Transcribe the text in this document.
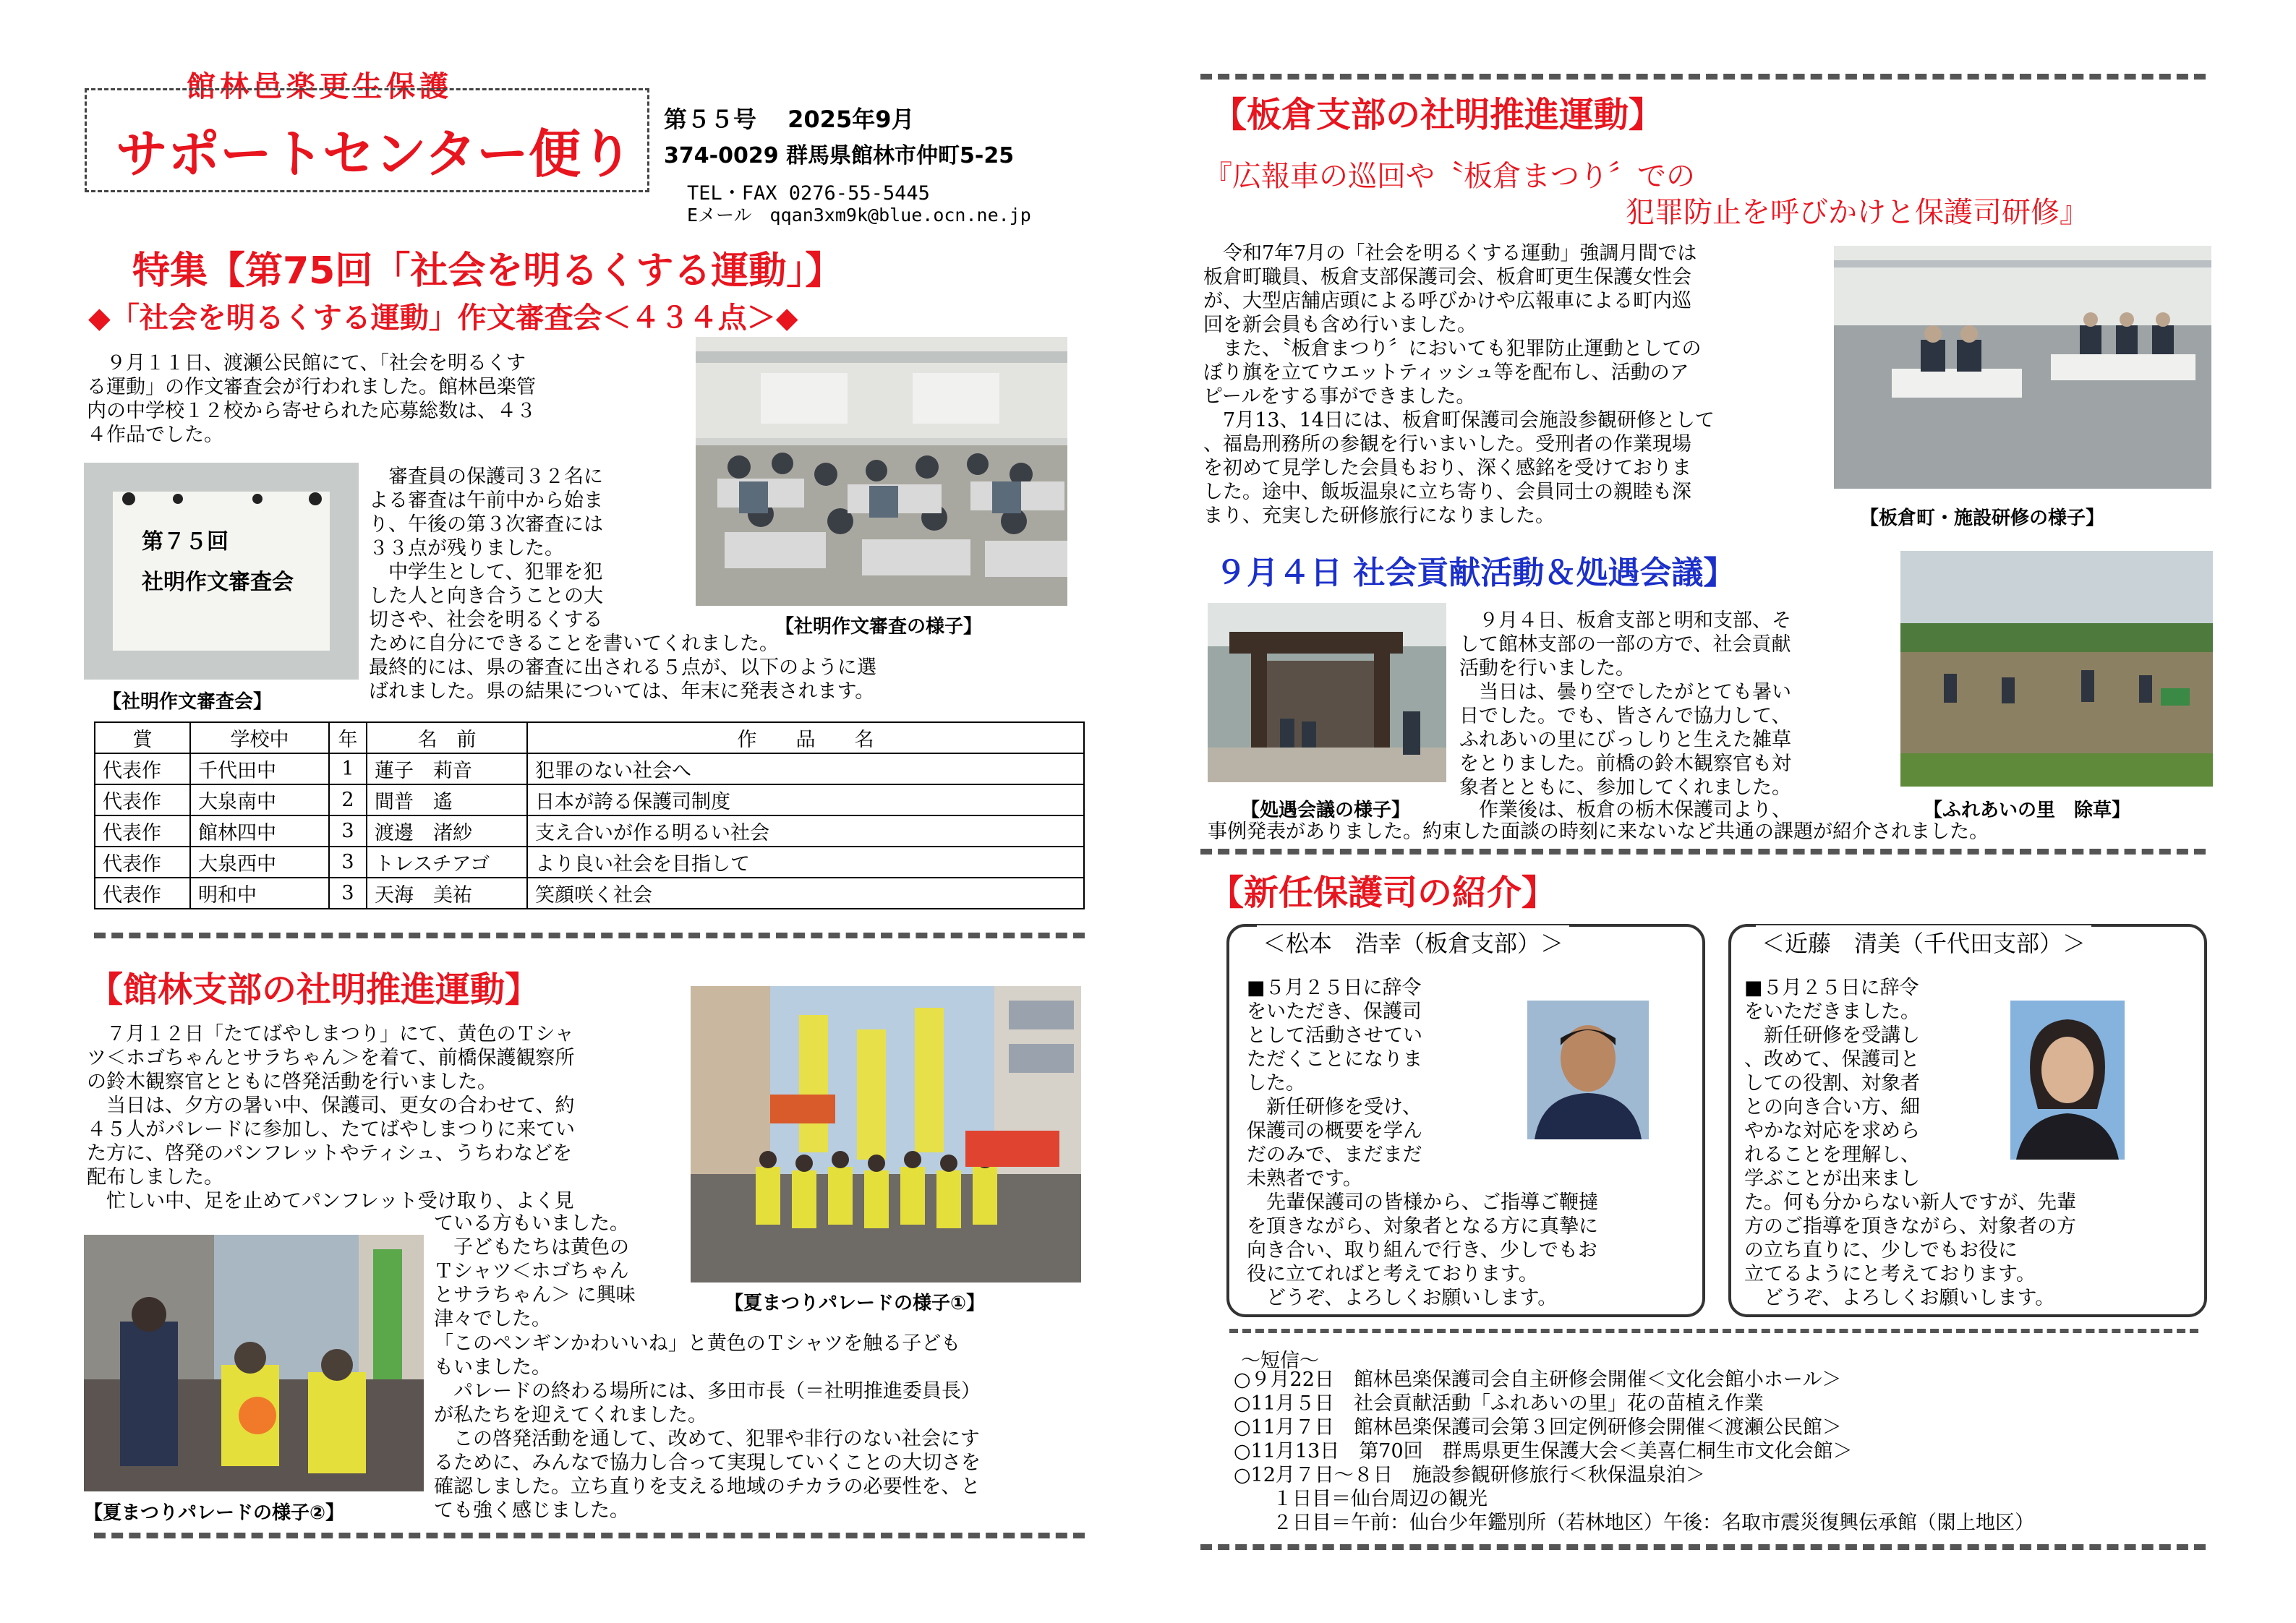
館林邑楽更生保護
サポートセンター便り
第５５号　 2025年9月
374-0029 群馬県館林市仲町5-25
TEL・FAX 0276-55-5445
Eメール　qqan3xm9k@blue.ocn.ne.jp
特集【第75回「社会を明るくする運動」】
◆「社会を明るくする運動」作文審査会＜４３４点＞◆

　９月１１日、渡瀬公民館にて、「社会を明るくす
る運動」の作文審査会が行われました。館林邑楽管
内の中学校１２校から寄せられた応募総数は、４３
４作品でした。

【社明作文審査の様子】
第７５回
社明作文審査会

　審査員の保護司３２名に
よる審査は午前中から始ま
り、午後の第３次審査には
３３点が残りました。
　中学生として、犯罪を犯
した人と向き合うことの大
切さや、社会を明るくする

ために自分にできることを書いてくれました。
最終的には、県の審査に出される５点が、以下のように選
ばれました。県の結果については、年末に発表されます。

【社明作文審査会】
賞	学校中	年	名　前	作　　品　　名
代表作	千代田中	1	蓮子　莉音	犯罪のない社会へ
代表作	大泉南中	2	間普　遙	日本が誇る保護司制度
代表作	館林四中	3	渡邊　渚紗	支え合いが作る明るい社会
代表作	大泉西中	3	トレスチアゴ	より良い社会を目指して
代表作	明和中	3	天海　美祐	笑顔咲く社会
【館林支部の社明推進運動】

　７月１２日「たてばやしまつり」にて、黄色のＴシャ
ツ＜ホゴちゃんとサラちゃん＞を着て、前橋保護観察所
の鈴木観察官とともに啓発活動を行いました。
　当日は、夕方の暑い中、保護司、更女の合わせて、約
４５人がパレードに参加し、たてばやしまつりに来てい
た方に、啓発のパンフレットやティシュ、うちわなどを
配布しました。
　忙しい中、足を止めてパンフレット受け取り、よく見

【夏まつりパレードの様子①】
【夏まつりパレードの様子②】

ている方もいました。
　子どもたちは黄色の
Ｔシャツ＜ホゴちゃん
とサラちゃん＞ に興味
津々でした。

「このペンギンかわいいね」と黄色のＴシャツを触る子ども
もいました。
　パレードの終わる場所には、多田市長（＝社明推進委員長）
が私たちを迎えてくれました。
　この啓発活動を通して、改めて、犯罪や非行のない社会にす
るために、みんなで協力し合って実現していくことの大切さを
確認しました。立ち直りを支える地域のチカラの必要性を、と
ても強く感じました。

【板倉支部の社明推進運動】
『広報車の巡回や〝板倉まつり〞での
犯罪防止を呼びかけと保護司研修』

　令和7年7月の「社会を明るくする運動」強調月間では
板倉町職員、板倉支部保護司会、板倉町更生保護女性会
が、大型店舗店頭による呼びかけや広報車による町内巡
回を新会員も含め行いました。
　また、〝板倉まつり〞においても犯罪防止運動としての
ぼり旗を立てウエットティッシュ等を配布し、活動のア
ピールをする事ができました。
　7月13、14日には、板倉町保護司会施設参観研修として
、福島刑務所の参観を行いまいした。受刑者の作業現場
を初めて見学した会員もおり、深く感銘を受けておりま
した。途中、飯坂温泉に立ち寄り、会員同士の親睦も深
まり、充実した研修旅行になりました。	【板倉町・施設研修の様子】
９月４日 社会貢献活動＆処遇会議】
【処遇会議の様子】

　９月４日、板倉支部と明和支部、そ
して館林支部の一部の方で、社会貢献
活動を行いました。
　当日は、曇り空でしたがとても暑い
日でした。でも、皆さんで協力して、
ふれあいの里にびっしりと生えた雑草
をとりました。前橋の鈴木観察官も対
象者とともに、参加してくれました。

　作業後は、板倉の栃木保護司より、

事例発表がありました。約束した面談の時刻に来ないなど共通の課題が紹介されました。

【ふれあいの里　除草】
【新任保護司の紹介】
＜松本　浩幸（板倉支部）＞

■５月２５日に辞令
をいただき、保護司
として活動させてい
ただくことになりま
した。
　新任研修を受け、
保護司の概要を学ん
だのみで、まだまだ
未熟者です。

　先輩保護司の皆様から、ご指導ご鞭撻
を頂きながら、対象者となる方に真摯に
向き合い、取り組んで行き、少しでもお
役に立てればと考えております。
　どうぞ、よろしくお願いします。

＜近藤　清美（千代田支部）＞

■５月２５日に辞令
をいただきました。
　新任研修を受講し
、改めて、保護司と
しての役割、対象者
との向き合い方、細
やかな対応を求めら
れることを理解し、
学ぶことが出来まし

た。何も分からない新人ですが、先輩
方のご指導を頂きながら、対象者の方
の立ち直りに、少しでもお役に
立てるようにと考えております。
　どうぞ、よろしくお願いします。

～短信～
○９月22日　館林邑楽保護司会自主研修会開催＜文化会館小ホール＞
○11月５日　社会貢献活動「ふれあいの里」花の苗植え作業
○11月７日　館林邑楽保護司会第３回定例研修会開催＜渡瀬公民館＞
○11月13日　第70回　群馬県更生保護大会＜美喜仁桐生市文化会館＞
○12月７日～８日　施設参観研修旅行＜秋保温泉泊＞
　　１日目＝仙台周辺の観光
　　２日目＝午前：仙台少年鑑別所（若林地区）午後：名取市震災復興伝承館（閖上地区）
